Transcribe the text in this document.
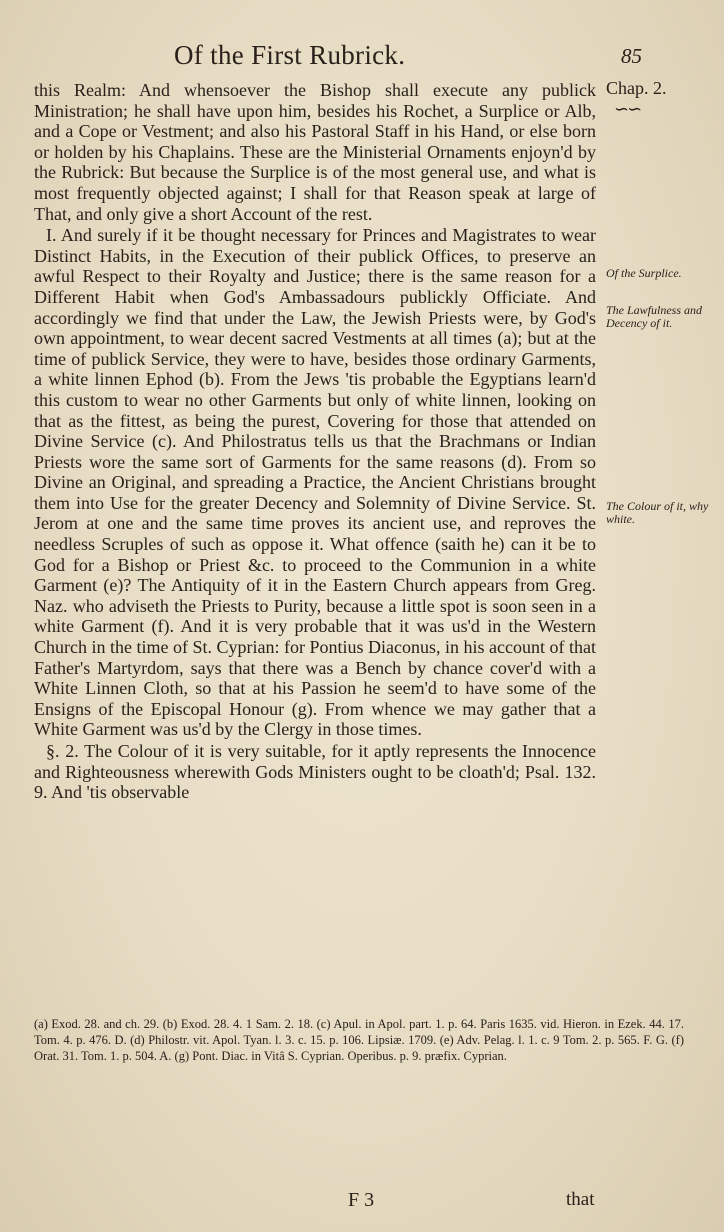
Of the First Rubrick.	85

this Realm: And whensoever the Bishop shall execute any publick Ministration; he shall have upon him, besides his Rochet, a Surplice or Alb, and a Cope or Vestment; and also his Pastoral Staff in his Hand, or else born or holden by his Chaplains. These are the Ministerial Ornaments enjoyn'd by the Rubrick: But because the Surplice is of the most general use, and what is most frequently objected against; I shall for that Reason speak at large of That, and only give a short Account of the rest.

I. And surely if it be thought necessary for Princes and Magistrates to wear Distinct Habits, in the Execution of their publick Offices, to preserve an awful Respect to their Royalty and Justice; there is the same reason for a Different Habit when God's Ambassadours publickly Officiate. And accordingly we find that under the Law, the Jewish Priests were, by God's own appointment, to wear decent sacred Vestments at all times (a); but at the time of publick Service, they were to have, besides those ordinary Garments, a white linnen Ephod (b). From the Jews 'tis probable the Egyptians learn'd this custom to wear no other Garments but only of white linnen, looking on that as the fittest, as being the purest, Covering for those that attended on Divine Service (c). And Philostratus tells us that the Brachmans or Indian Priests wore the same sort of Garments for the same reasons (d). From so Divine an Original, and spreading a Practice, the Ancient Christians brought them into Use for the greater Decency and Solemnity of Divine Service. St. Jerom at one and the same time proves its ancient use, and reproves the needless Scruples of such as oppose it. What offence (saith he) can it be to God for a Bishop or Priest &c. to proceed to the Communion in a white Garment (e)? The Antiquity of it in the Eastern Church appears from Greg. Naz. who adviseth the Priests to Purity, because a little spot is soon seen in a white Garment (f). And it is very probable that it was us'd in the Western Church in the time of St. Cyprian: for Pontius Diaconus, in his account of that Father's Martyrdom, says that there was a Bench by chance cover'd with a White Linnen Cloth, so that at his Passion he seem'd to have some of the Ensigns of the Episcopal Honour (g). From whence we may gather that a White Garment was us'd by the Clergy in those times.

§. 2. The Colour of it is very suitable, for it aptly represents the Innocence and Righteousness wherewith Gods Ministers ought to be cloath'd; Psal. 132. 9. And 'tis observable

Chap. 2.
∽∽
Of the Surplice.
The Lawfulness and Decency of it.
The Colour of it, why white.

(a) Exod. 28. and ch. 29. (b) Exod. 28. 4. 1 Sam. 2. 18. (c) Apul. in Apol. part. 1. p. 64. Paris 1635. vid. Hieron. in Ezek. 44. 17. Tom. 4. p. 476. D. (d) Philostr. vit. Apol. Tyan. l. 3. c. 15. p. 106. Lipsiæ. 1709. (e) Adv. Pelag. l. 1. c. 9 Tom. 2. p. 565. F. G. (f) Orat. 31. Tom. 1. p. 504. A. (g) Pont. Diac. in Vitâ S. Cyprian. Operibus. p. 9. præfix. Cyprian.

F 3	that
